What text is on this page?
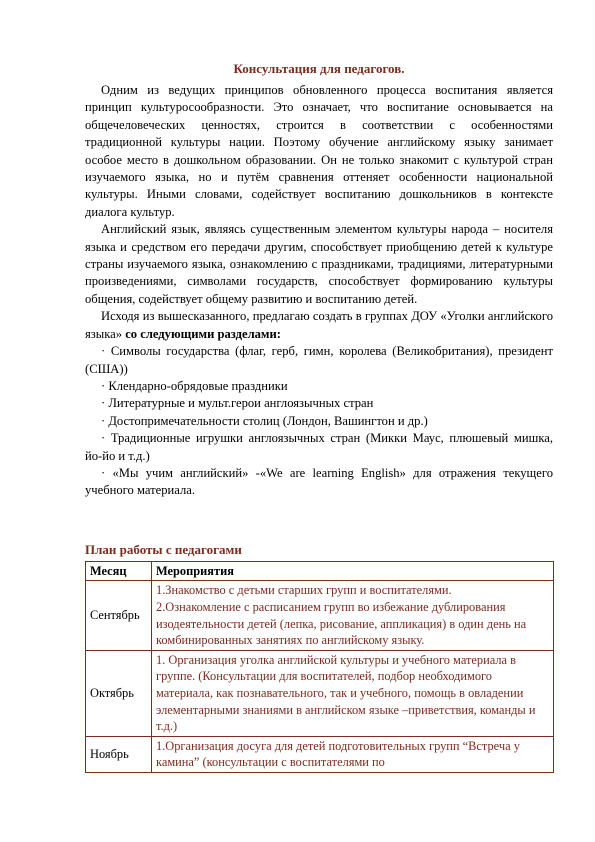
Консультация для педагогов.

Одним из ведущих принципов обновленного процесса воспитания является принцип культуросообразности. Это означает, что воспитание основывается на общечеловеческих ценностях, строится в соответствии с особенностями традиционной культуры нации. Поэтому обучение английскому языку занимает особое место в дошкольном образовании. Он не только знакомит с культурой стран изучаемого языка, но и путём сравнения оттеняет особенности национальной культуры. Иными словами, содействует воспитанию дошкольников в контексте диалога культур.

Английский язык, являясь существенным элементом культуры народа – носителя языка и средством его передачи другим, способствует приобщению детей к культуре страны изучаемого языка, ознакомлению с праздниками, традициями, литературными произведениями, символами государств, способствует формированию культуры общения, содействует общему развитию и воспитанию детей.

Исходя из вышесказанного, предлагаю создать в группах ДОУ «Уголки английского языка» со следующими разделами:

· Символы государства (флаг, герб, гимн, королева (Великобритания), президент (США))

· Клендарно-обрядовые праздники

· Литературные и мульт.герои англоязычных стран

· Достопримечательности столиц (Лондон, Вашингтон и др.)

· Традиционные игрушки англоязычных стран (Микки Маус, плюшевый мишка, йо-йо и т.д.)

· «Мы учим английский» -«We are learning English» для отражения текущего учебного материала.

План работы с педагогами
Месяц	Мероприятия
Сентябрь	1.Знакомство с детьми старших групп и воспитателями.
2.Ознакомление с расписанием групп во избежание дублирования изодеятельности детей (лепка, рисование, аппликация) в один день на комбинированных занятиях по английскому языку.

Октябрь	1. Организация уголка английской культуры и учебного материала в группе. (Консультации для воспитателей, подбор необходимого материала, как познавательного, так и учебного, помощь в овладении элементарными знаниями в английском языке –приветствия, команды и т.д.)

Ноябрь	1.Организация досуга для детей подготовительных групп “Встреча у камина” (консультации с воспитателями по
